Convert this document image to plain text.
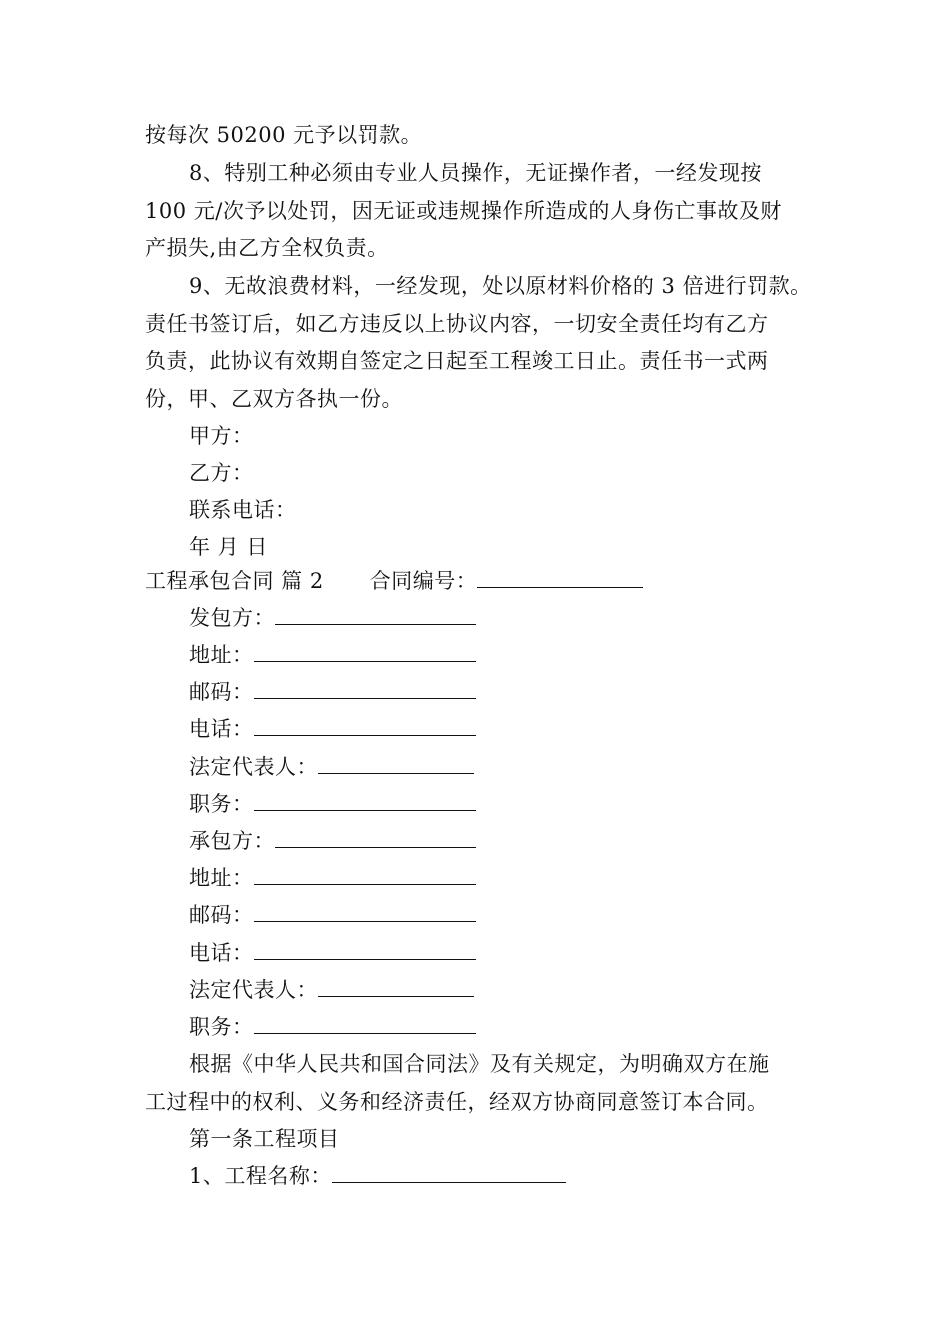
按每次 50200 元予以罚款。
8、特别工种必须由专业人员操作，无证操作者，一经发现按
100 元/次予以处罚，因无证或违规操作所造成的人身伤亡事故及财
产损失,由乙方全权负责。
9、无故浪费材料，一经发现，处以原材料价格的 3 倍进行罚款。
责任书签订后，如乙方违反以上协议内容，一切安全责任均有乙方
负责，此协议有效期自签定之日起至工程竣工日止。责任书一式两
份，甲、乙双方各执一份。
甲方：
乙方：
联系电话：
年 月 日
工程承包合同 篇 2 合同编号：
发包方：
地址：
邮码：
电话：
法定代表人：
职务：
承包方：
地址：
邮码：
电话：
法定代表人：
职务：
根据《中华人民共和国合同法》及有关规定，为明确双方在施
工过程中的权利、义务和经济责任，经双方协商同意签订本合同。
第一条工程项目
1、工程名称：
